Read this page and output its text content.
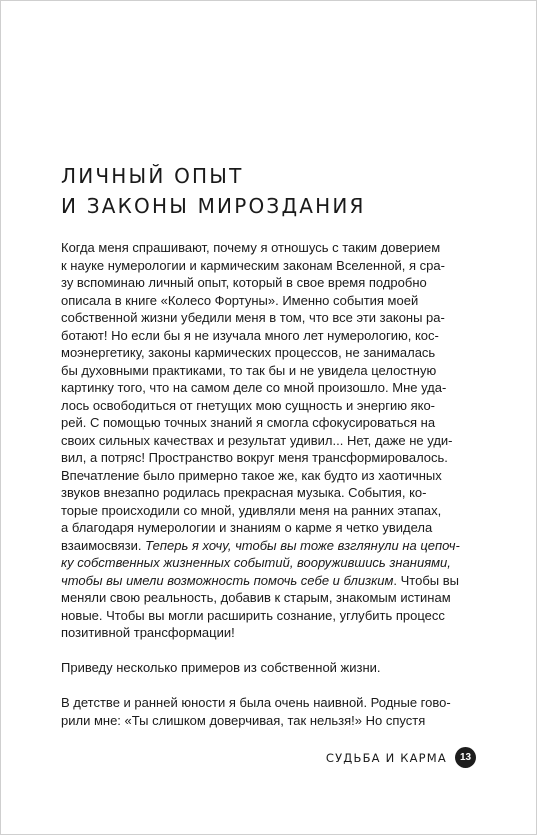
ЛИЧНЫЙ ОПЫТ
И ЗАКОНЫ МИРОЗДАНИЯ

Когда меня спрашивают, почему я отношусь с таким доверием
к науке нумерологии и кармическим законам Вселенной, я сра-
зу вспоминаю личный опыт, который в свое время подробно
описала в книге «Колесо Фортуны». Именно события моей
собственной жизни убедили меня в том, что все эти законы ра-
ботают! Но если бы я не изучала много лет нумерологию, кос-
моэнергетику, законы кармических процессов, не занималась
бы духовными практиками, то так бы и не увидела целостную
картинку того, что на самом деле со мной произошло. Мне уда-
лось освободиться от гнетущих мою сущность и энергию яко-
рей. С помощью точных знаний я смогла сфокусироваться на
своих сильных качествах и результат удивил... Нет, даже не уди-
вил, а потряс! Пространство вокруг меня трансформировалось.
Впечатление было примерно такое же, как будто из хаотичных
звуков внезапно родилась прекрасная музыка. События, ко-
торые происходили со мной, удивляли меня на ранних этапах,
а благодаря нумерологии и знаниям о карме я четко увидела
взаимосвязи. Теперь я хочу, чтобы вы тоже взглянули на цепоч-
ку собственных жизненных событий, вооружившись знаниями,
чтобы вы имели возможность помочь себе и близким. Чтобы вы
меняли свою реальность, добавив к старым, знакомым истинам
новые. Чтобы вы могли расширить сознание, углубить процесс
позитивной трансформации!

Приведу несколько примеров из собственной жизни.

В детстве и ранней юности я была очень наивной. Родные гово-
рили мне: «Ты слишком доверчивая, так нельзя!» Но спустя

СУДЬБА И КАРМА	13
